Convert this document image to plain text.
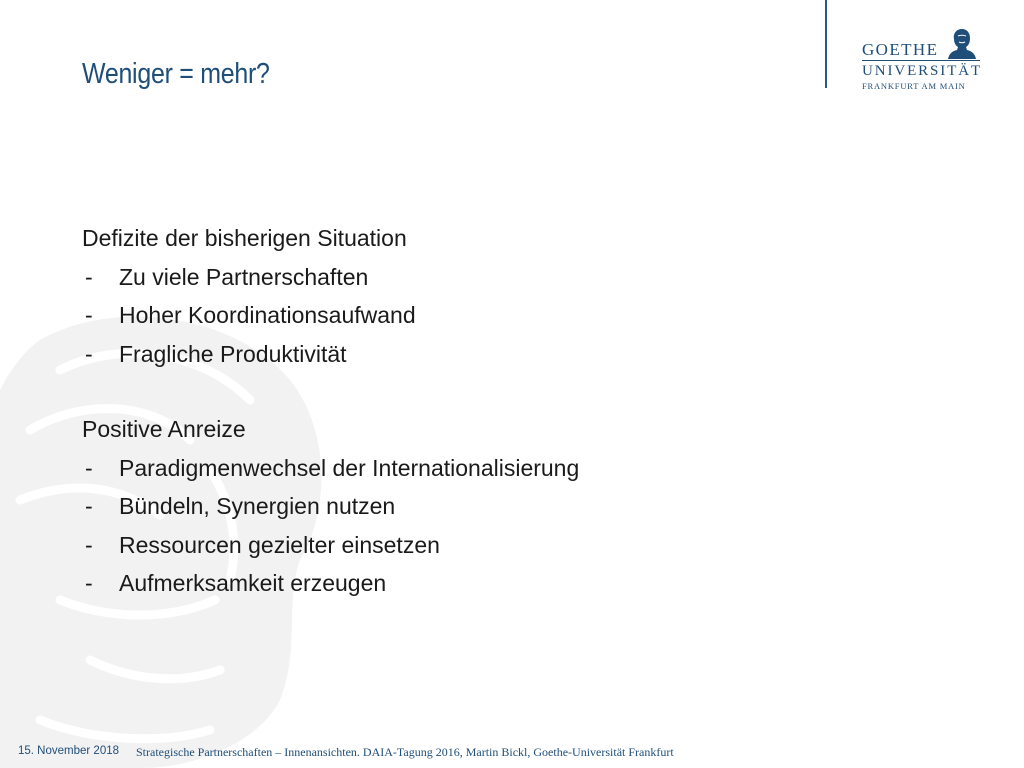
Weniger = mehr?
GOETHE
UNIVERSITÄT
FRANKFURT AM MAIN
Defizite der bisherigen Situation
- Zu viele Partnerschaften
- Hoher Koordinationsaufwand
- Fragliche Produktivität
Positive Anreize
- Paradigmenwechsel der Internationalisierung
- Bündeln, Synergien nutzen
- Ressourcen gezielter einsetzen
- Aufmerksamkeit erzeugen
15. November 2018 Strategische Partnerschaften – Innenansichten. DAIA-Tagung 2016, Martin Bickl, Goethe-Universität Frankfurt
